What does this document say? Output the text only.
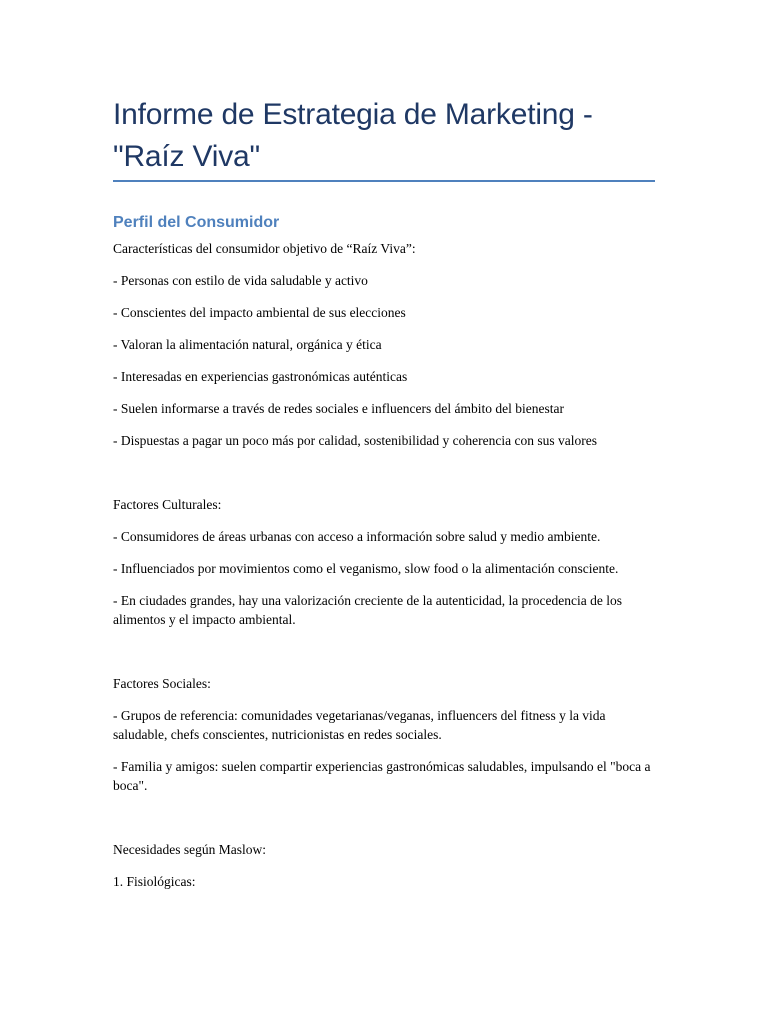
Informe de Estrategia de Marketing -
"Raíz Viva"
Perfil del Consumidor

Características del consumidor objetivo de “Raíz Viva”:

- Personas con estilo de vida saludable y activo

- Conscientes del impacto ambiental de sus elecciones

- Valoran la alimentación natural, orgánica y ética

- Interesadas en experiencias gastronómicas auténticas

- Suelen informarse a través de redes sociales e influencers del ámbito del bienestar

- Dispuestas a pagar un poco más por calidad, sostenibilidad y coherencia con sus valores

Factores Culturales:

- Consumidores de áreas urbanas con acceso a información sobre salud y medio ambiente.

- Influenciados por movimientos como el veganismo, slow food o la alimentación consciente.

- En ciudades grandes, hay una valorización creciente de la autenticidad, la procedencia de los alimentos y el impacto ambiental.

Factores Sociales:

- Grupos de referencia: comunidades vegetarianas/veganas, influencers del fitness y la vida saludable, chefs conscientes, nutricionistas en redes sociales.

- Familia y amigos: suelen compartir experiencias gastronómicas saludables, impulsando el "boca a boca".

Necesidades según Maslow:

1. Fisiológicas:
